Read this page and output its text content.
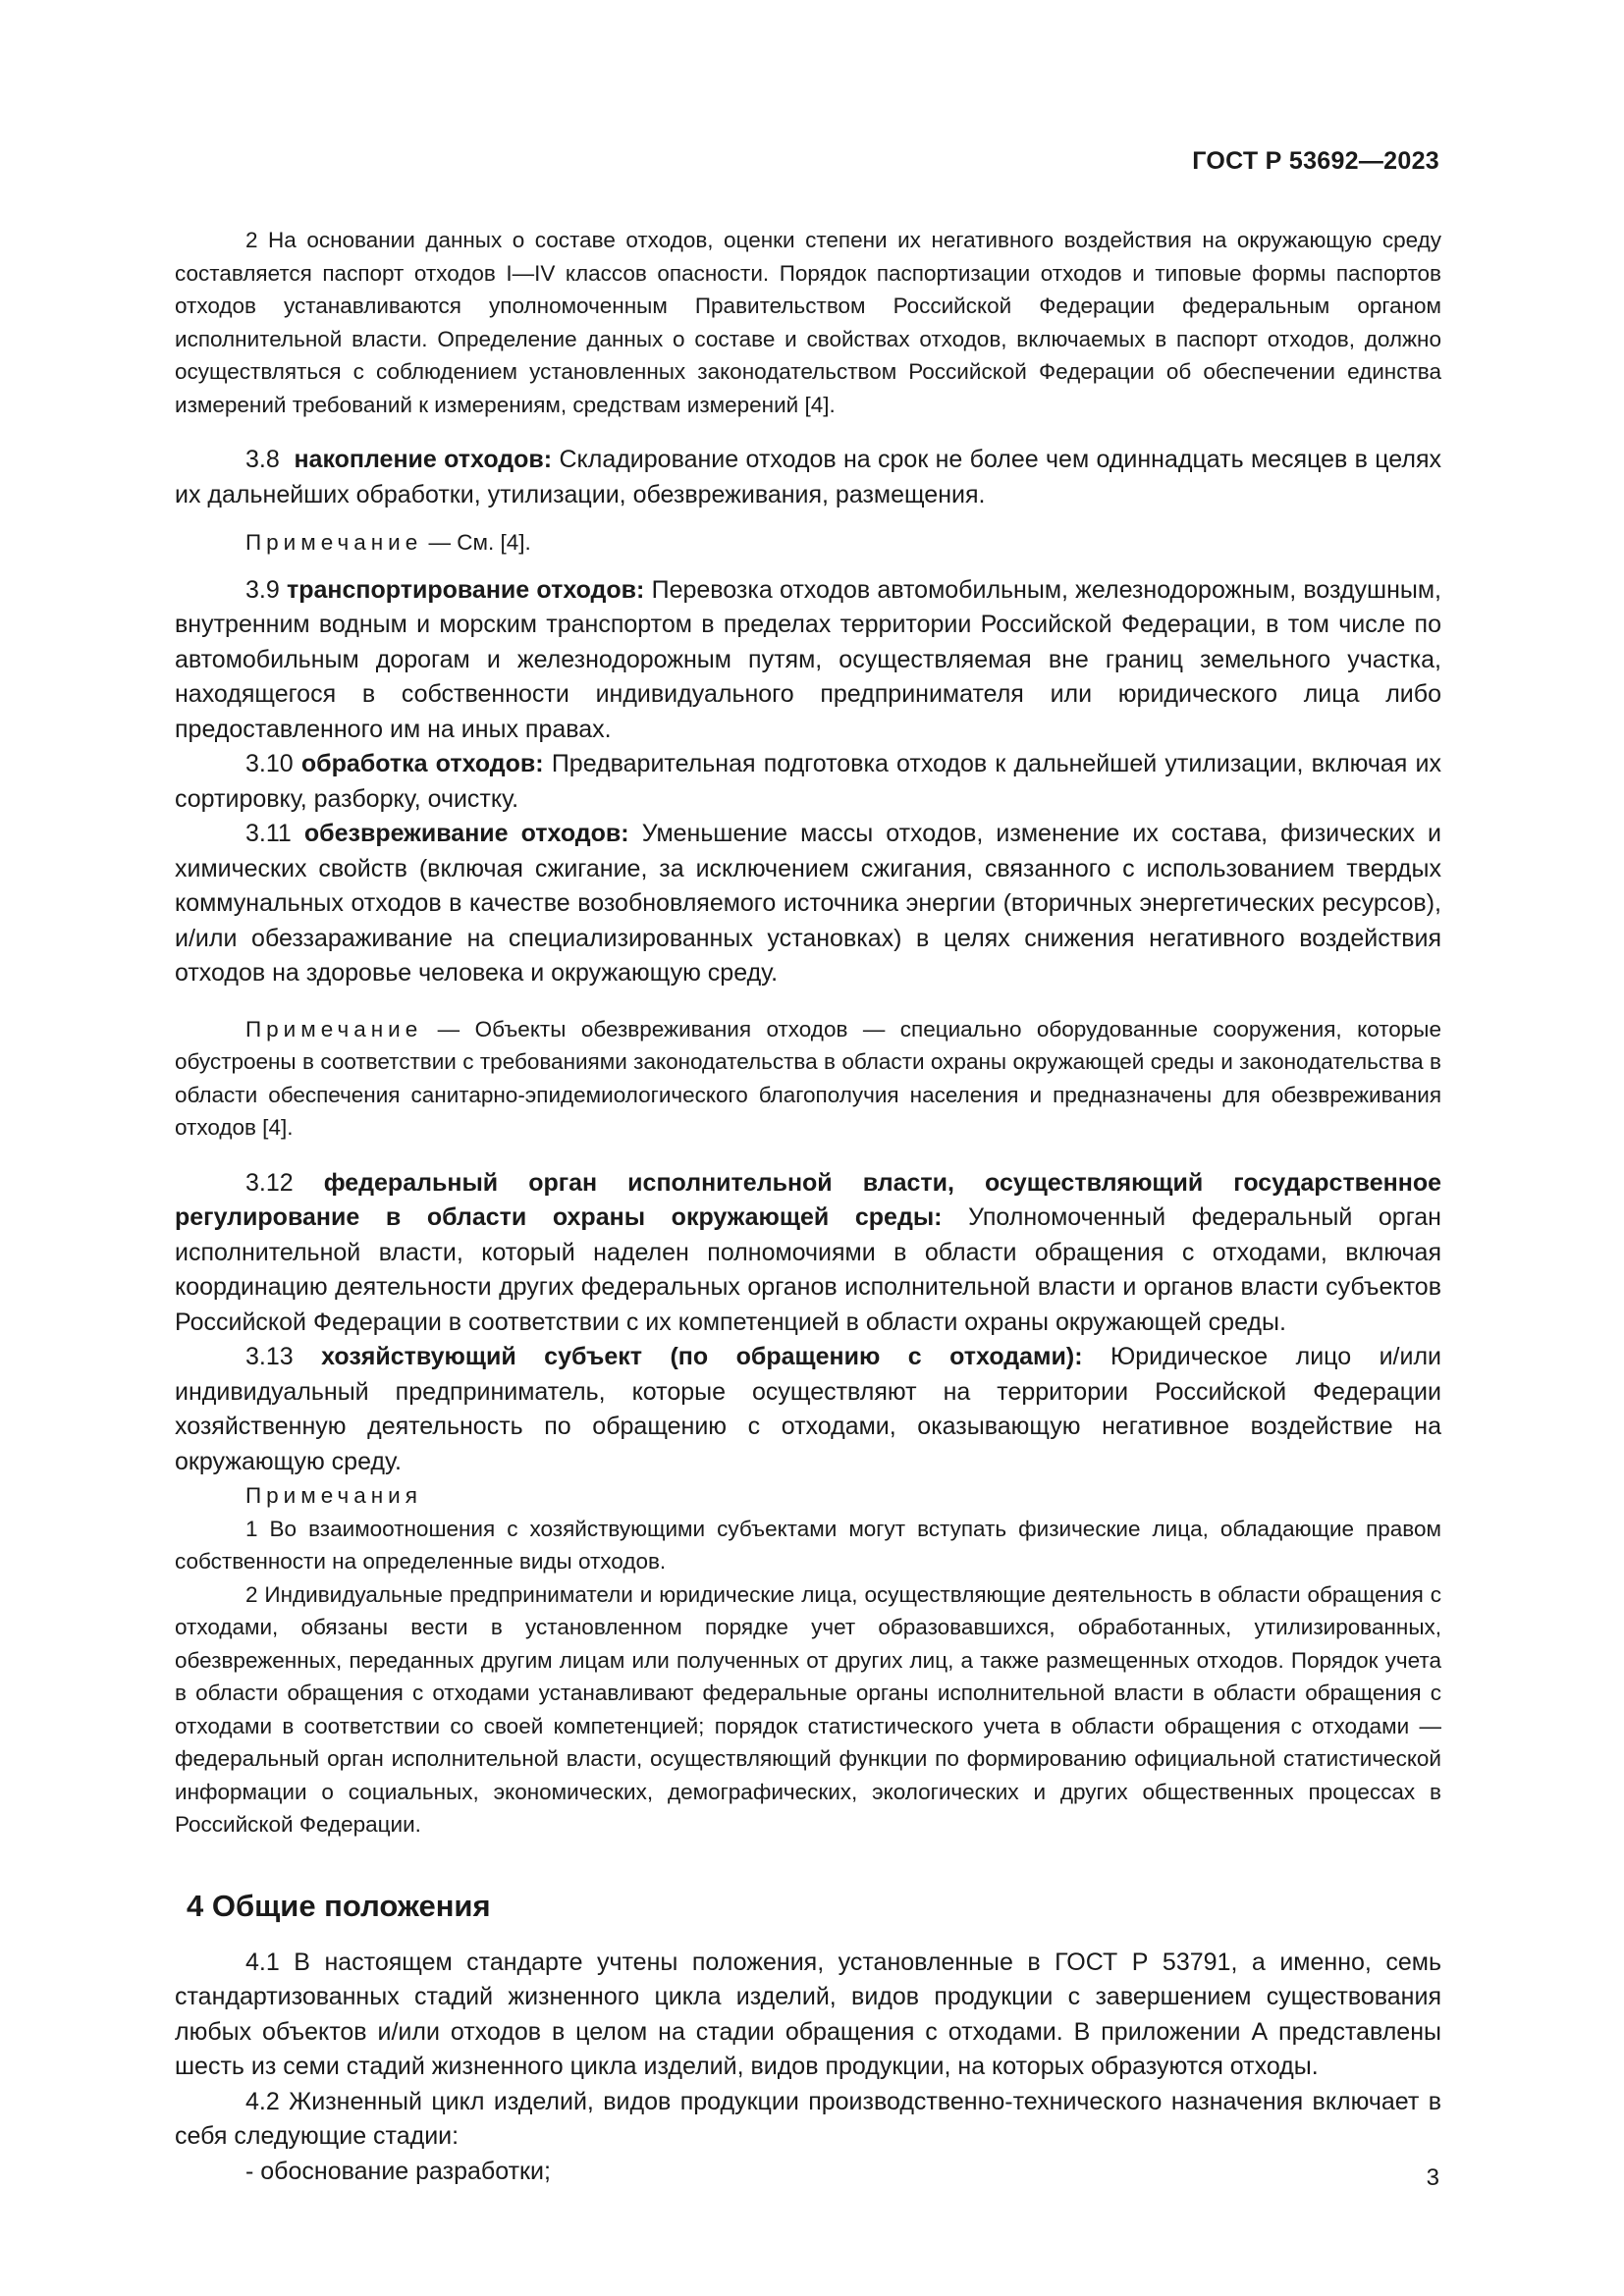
ГОСТ Р 53692—2023

2 На основании данных о составе отходов, оценки степени их негативного воздействия на окружающую среду составляется паспорт отходов I—IV классов опасности. Порядок паспортизации отходов и типовые формы паспортов отходов устанавливаются уполномоченным Правительством Российской Федерации федеральным органом исполнительной власти. Определение данных о составе и свойствах отходов, включаемых в паспорт отходов, должно осуществляться с соблюдением установленных законодательством Российской Федерации об обеспечении единства измерений требований к измерениям, средствам измерений [4].

3.8 накопление отходов: Складирование отходов на срок не более чем одиннадцать месяцев в целях их дальнейших обработки, утилизации, обезвреживания, размещения.

Примечание — См. [4].

3.9 транспортирование отходов: Перевозка отходов автомобильным, железнодорожным, воздушным, внутренним водным и морским транспортом в пределах территории Российской Федерации, в том числе по автомобильным дорогам и железнодорожным путям, осуществляемая вне границ земельного участка, находящегося в собственности индивидуального предпринимателя или юридического лица либо предоставленного им на иных правах.

3.10 обработка отходов: Предварительная подготовка отходов к дальнейшей утилизации, включая их сортировку, разборку, очистку.

3.11 обезвреживание отходов: Уменьшение массы отходов, изменение их состава, физических и химических свойств (включая сжигание, за исключением сжигания, связанного с использованием твердых коммунальных отходов в качестве возобновляемого источника энергии (вторичных энергетических ресурсов), и/или обеззараживание на специализированных установках) в целях снижения негативного воздействия отходов на здоровье человека и окружающую среду.

Примечание — Объекты обезвреживания отходов — специально оборудованные сооружения, которые обустроены в соответствии с требованиями законодательства в области охраны окружающей среды и законодательства в области обеспечения санитарно-эпидемиологического благополучия населения и предназначены для обезвреживания отходов [4].

3.12 федеральный орган исполнительной власти, осуществляющий государственное регулирование в области охраны окружающей среды: Уполномоченный федеральный орган исполнительной власти, который наделен полномочиями в области обращения с отходами, включая координацию деятельности других федеральных органов исполнительной власти и органов власти субъектов Российской Федерации в соответствии с их компетенцией в области охраны окружающей среды.

3.13 хозяйствующий субъект (по обращению с отходами): Юридическое лицо и/или индивидуальный предприниматель, которые осуществляют на территории Российской Федерации хозяйственную деятельность по обращению с отходами, оказывающую негативное воздействие на окружающую среду.

Примечания

1 Во взаимоотношения с хозяйствующими субъектами могут вступать физические лица, обладающие правом собственности на определенные виды отходов.

2 Индивидуальные предприниматели и юридические лица, осуществляющие деятельность в области обращения с отходами, обязаны вести в установленном порядке учет образовавшихся, обработанных, утилизированных, обезвреженных, переданных другим лицам или полученных от других лиц, а также размещенных отходов. Порядок учета в области обращения с отходами устанавливают федеральные органы исполнительной власти в области обращения с отходами в соответствии со своей компетенцией; порядок статистического учета в области обращения с отходами — федеральный орган исполнительной власти, осуществляющий функции по формированию официальной статистической информации о социальных, экономических, демографических, экологических и других общественных процессах в Российской Федерации.

4 Общие положения

4.1 В настоящем стандарте учтены положения, установленные в ГОСТ Р 53791, а именно, семь стандартизованных стадий жизненного цикла изделий, видов продукции с завершением существования любых объектов и/или отходов в целом на стадии обращения с отходами. В приложении А представлены шесть из семи стадий жизненного цикла изделий, видов продукции, на которых образуются отходы.

4.2 Жизненный цикл изделий, видов продукции производственно-технического назначения включает в себя следующие стадии:

- обоснование разработки;	3
